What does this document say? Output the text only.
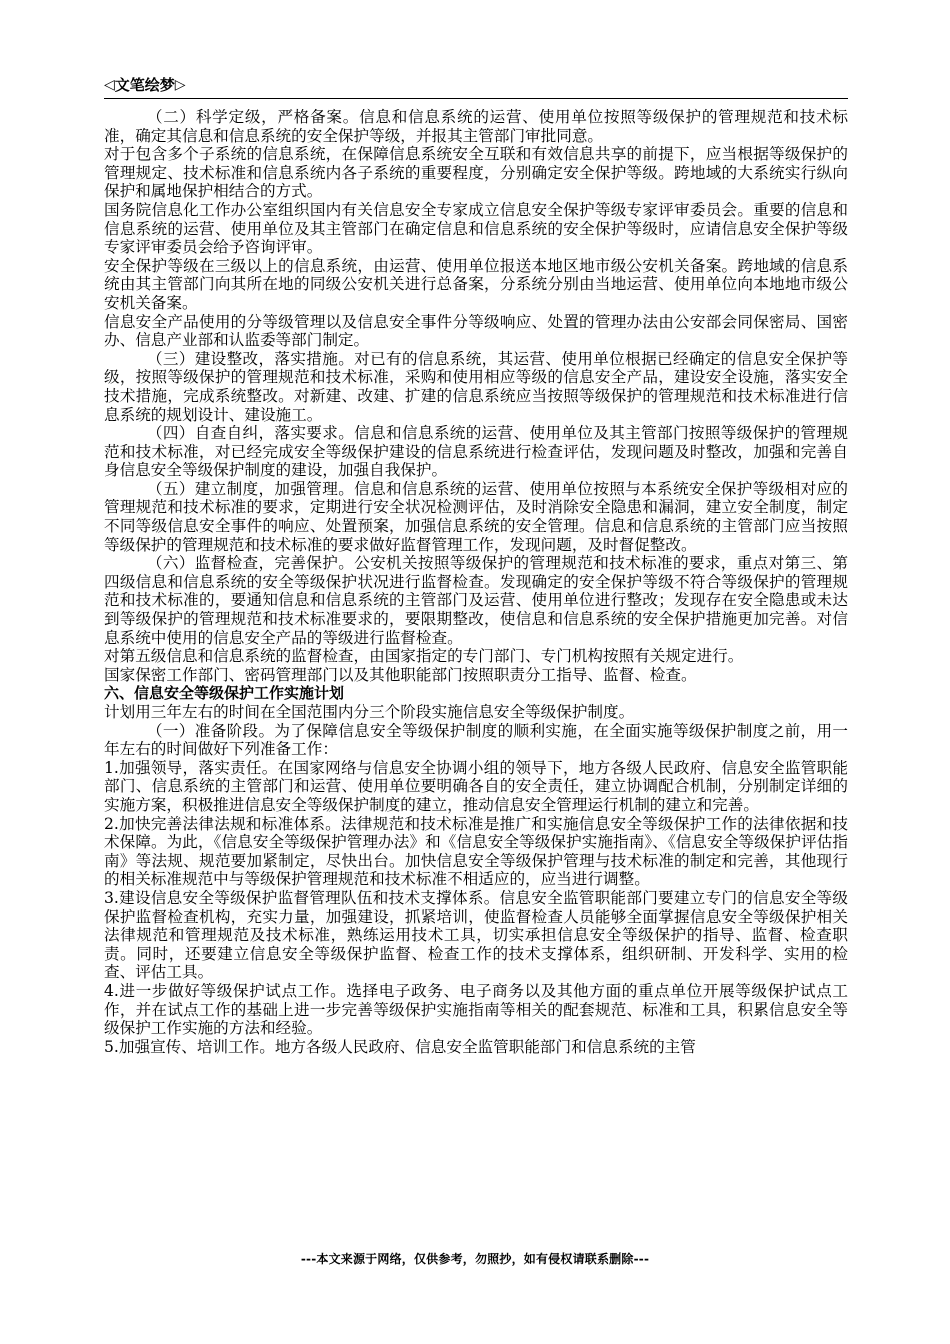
◁ 文笔绘梦 ▷

（二）科学定级，严格备案。信息和信息系统的运营、使用单位按照等级保护的管理规范和技术标准，确定其信息和信息系统的安全保护等级，并报其主管部门审批同意。

对于包含多个子系统的信息系统，在保障信息系统安全互联和有效信息共享的前提下，应当根据等级保护的管理规定、技术标准和信息系统内各子系统的重要程度，分别确定安全保护等级。跨地域的大系统实行纵向保护和属地保护相结合的方式。

国务院信息化工作办公室组织国内有关信息安全专家成立信息安全保护等级专家评审委员会。重要的信息和信息系统的运营、使用单位及其主管部门在确定信息和信息系统的安全保护等级时，应请信息安全保护等级专家评审委员会给予咨询评审。

安全保护等级在三级以上的信息系统，由运营、使用单位报送本地区地市级公安机关备案。跨地域的信息系统由其主管部门向其所在地的同级公安机关进行总备案，分系统分别由当地运营、使用单位向本地地市级公安机关备案。

信息安全产品使用的分等级管理以及信息安全事件分等级响应、处置的管理办法由公安部会同保密局、国密办、信息产业部和认监委等部门制定。

（三）建设整改，落实措施。对已有的信息系统，其运营、使用单位根据已经确定的信息安全保护等级，按照等级保护的管理规范和技术标准，采购和使用相应等级的信息安全产品，建设安全设施，落实安全技术措施，完成系统整改。对新建、改建、扩建的信息系统应当按照等级保护的管理规范和技术标准进行信息系统的规划设计、建设施工。

（四）自查自纠，落实要求。信息和信息系统的运营、使用单位及其主管部门按照等级保护的管理规范和技术标准，对已经完成安全等级保护建设的信息系统进行检查评估，发现问题及时整改，加强和完善自身信息安全等级保护制度的建设，加强自我保护。

（五）建立制度，加强管理。信息和信息系统的运营、使用单位按照与本系统安全保护等级相对应的管理规范和技术标准的要求，定期进行安全状况检测评估，及时消除安全隐患和漏洞，建立安全制度，制定不同等级信息安全事件的响应、处置预案，加强信息系统的安全管理。信息和信息系统的主管部门应当按照等级保护的管理规范和技术标准的要求做好监督管理工作，发现问题，及时督促整改。

（六）监督检查，完善保护。公安机关按照等级保护的管理规范和技术标准的要求，重点对第三、第四级信息和信息系统的安全等级保护状况进行监督检查。发现确定的安全保护等级不符合等级保护的管理规范和技术标准的，要通知信息和信息系统的主管部门及运营、使用单位进行整改；发现存在安全隐患或未达到等级保护的管理规范和技术标准要求的，要限期整改，使信息和信息系统的安全保护措施更加完善。对信息系统中使用的信息安全产品的等级进行监督检查。

对第五级信息和信息系统的监督检查，由国家指定的专门部门、专门机构按照有关规定进行。

国家保密工作部门、密码管理部门以及其他职能部门按照职责分工指导、监督、检查。

六、信息安全等级保护工作实施计划

计划用三年左右的时间在全国范围内分三个阶段实施信息安全等级保护制度。

（一）准备阶段。为了保障信息安全等级保护制度的顺利实施，在全面实施等级保护制度之前，用一年左右的时间做好下列准备工作：

1.加强领导，落实责任。在国家网络与信息安全协调小组的领导下，地方各级人民政府、信息安全监管职能部门、信息系统的主管部门和运营、使用单位要明确各自的安全责任，建立协调配合机制，分别制定详细的实施方案，积极推进信息安全等级保护制度的建立，推动信息安全管理运行机制的建立和完善。

2.加快完善法律法规和标准体系。法律规范和技术标准是推广和实施信息安全等级保护工作的法律依据和技术保障。为此，《信息安全等级保护管理办法》和《信息安全等级保护实施指南》、《信息安全等级保护评估指南》等法规、规范要加紧制定，尽快出台。加快信息安全等级保护管理与技术标准的制定和完善，其他现行的相关标准规范中与等级保护管理规范和技术标准不相适应的，应当进行调整。

3.建设信息安全等级保护监督管理队伍和技术支撑体系。信息安全监管职能部门要建立专门的信息安全等级保护监督检查机构，充实力量，加强建设，抓紧培训，使监督检查人员能够全面掌握信息安全等级保护相关法律规范和管理规范及技术标准，熟练运用技术工具，切实承担信息安全等级保护的指导、监督、检查职责。同时，还要建立信息安全等级保护监督、检查工作的技术支撑体系，组织研制、开发科学、实用的检查、评估工具。

4.进一步做好等级保护试点工作。选择电子政务、电子商务以及其他方面的重点单位开展等级保护试点工作，并在试点工作的基础上进一步完善等级保护实施指南等相关的配套规范、标准和工具，积累信息安全等级保护工作实施的方法和经验。

5.加强宣传、培训工作。地方各级人民政府、信息安全监管职能部门和信息系统的主管

---本文来源于网络，仅供参考，勿照抄，如有侵权请联系删除---
